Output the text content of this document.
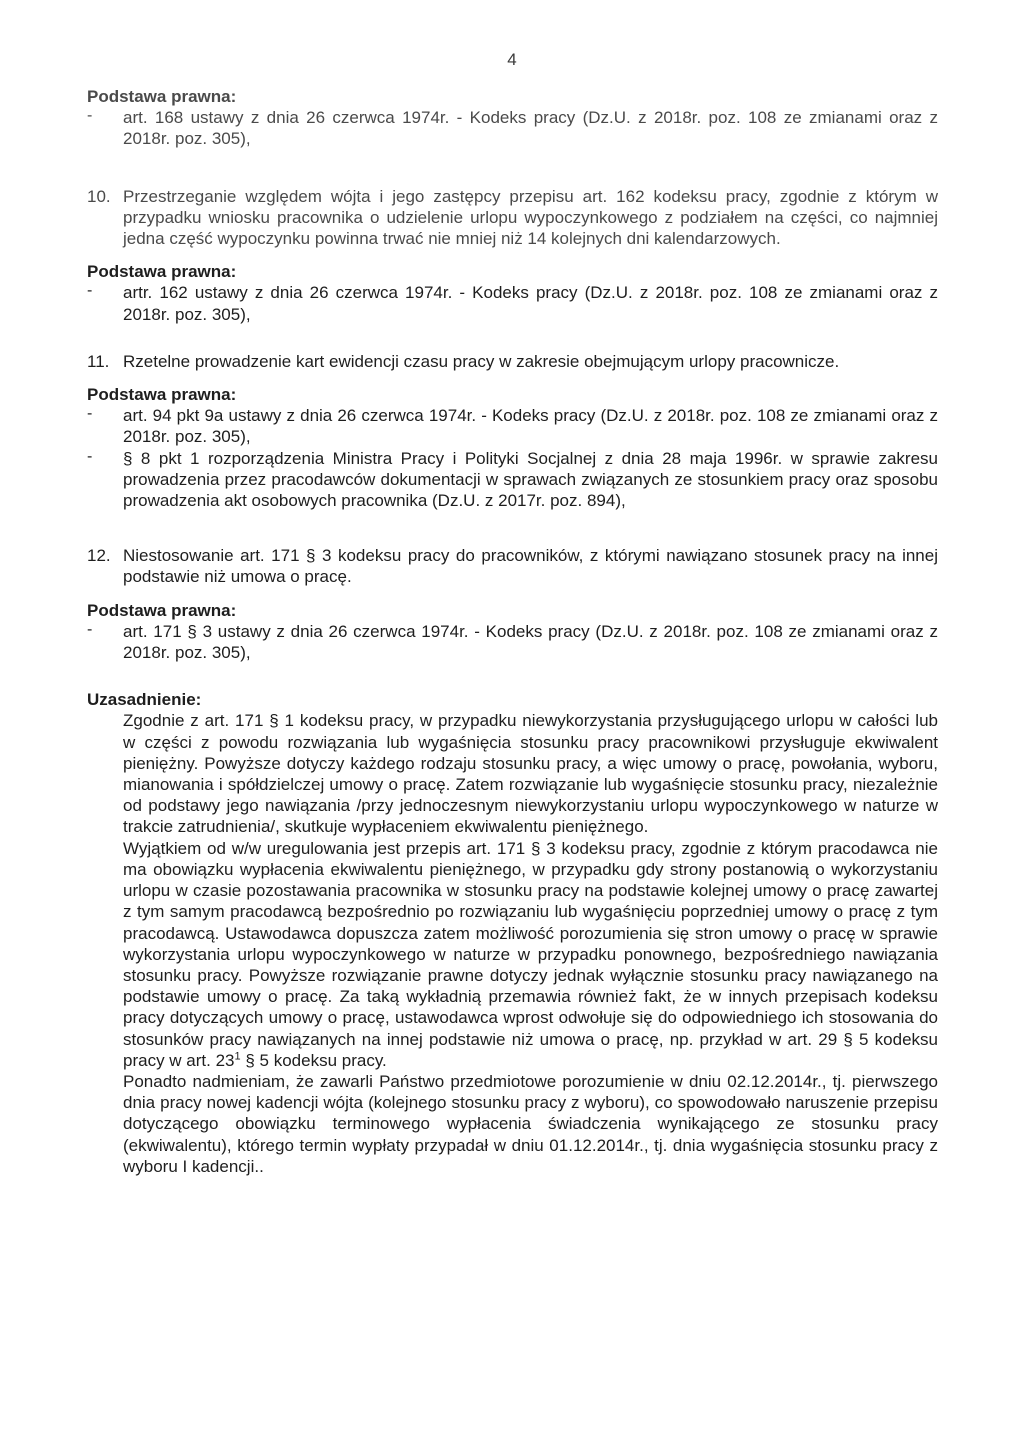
4

Podstawa prawna:

-	art. 168 ustawy z dnia 26 czerwca 1974r. - Kodeks pracy (Dz.U. z 2018r. poz. 108 ze zmianami oraz z 2018r. poz. 305),

10. Przestrzeganie względem wójta i jego zastępcy przepisu art. 162 kodeksu pracy, zgodnie z którym w przypadku wniosku pracownika o udzielenie urlopu wypoczynkowego z podziałem na części, co najmniej jedna część wypoczynku powinna trwać nie mniej niż 14 kolejnych dni kalendarzowych.

Podstawa prawna:

-	artr. 162 ustawy z dnia 26 czerwca 1974r. - Kodeks pracy (Dz.U. z 2018r. poz. 108 ze zmianami oraz z 2018r. poz. 305),

11. Rzetelne prowadzenie kart ewidencji czasu pracy w zakresie obejmującym urlopy pracownicze.

Podstawa prawna:

-	art. 94 pkt 9a ustawy z dnia 26 czerwca 1974r. - Kodeks pracy (Dz.U. z 2018r. poz. 108 ze zmianami oraz z 2018r. poz. 305),

-	§ 8 pkt 1 rozporządzenia Ministra Pracy i Polityki Socjalnej z dnia 28 maja 1996r. w sprawie zakresu prowadzenia przez pracodawców dokumentacji w sprawach związanych ze stosunkiem pracy oraz sposobu prowadzenia akt osobowych pracownika (Dz.U. z 2017r. poz. 894),

12. Niestosowanie art. 171 § 3 kodeksu pracy do pracowników, z którymi nawiązano stosunek pracy na innej podstawie niż umowa o pracę.

Podstawa prawna:

-	art. 171 § 3 ustawy z dnia 26 czerwca 1974r. - Kodeks pracy (Dz.U. z 2018r. poz. 108 ze zmianami oraz z 2018r. poz. 305),

Uzasadnienie:

Zgodnie z art. 171 § 1 kodeksu pracy, w przypadku niewykorzystania przysługującego urlopu w całości lub w części z powodu rozwiązania lub wygaśnięcia stosunku pracy pracownikowi przysługuje ekwiwalent pieniężny. Powyższe dotyczy każdego rodzaju stosunku pracy, a więc umowy o pracę, powołania, wyboru, mianowania i spółdzielczej umowy o pracę. Zatem rozwiązanie lub wygaśnięcie stosunku pracy, niezależnie od podstawy jego nawiązania /przy jednoczesnym niewykorzystaniu urlopu wypoczynkowego w naturze w trakcie zatrudnienia/, skutkuje wypłaceniem ekwiwalentu pieniężnego.

Wyjątkiem od w/w uregulowania jest przepis art. 171 § 3 kodeksu pracy, zgodnie z którym pracodawca nie ma obowiązku wypłacenia ekwiwalentu pieniężnego, w przypadku gdy strony postanowią o wykorzystaniu urlopu w czasie pozostawania pracownika w stosunku pracy na podstawie kolejnej umowy o pracę zawartej z tym samym pracodawcą bezpośrednio po rozwiązaniu lub wygaśnięciu poprzedniej umowy o pracę z tym pracodawcą. Ustawodawca dopuszcza zatem możliwość porozumienia się stron umowy o pracę w sprawie wykorzystania urlopu wypoczynkowego w naturze w przypadku ponownego, bezpośredniego nawiązania stosunku pracy. Powyższe rozwiązanie prawne dotyczy jednak wyłącznie stosunku pracy nawiązanego na podstawie umowy o pracę. Za taką wykładnią przemawia również fakt, że w innych przepisach kodeksu pracy dotyczących umowy o pracę, ustawodawca wprost odwołuje się do odpowiedniego ich stosowania do stosunków pracy nawiązanych na innej podstawie niż umowa o pracę, np. przykład w art. 29 § 5 kodeksu pracy w art. $23^1$ § 5 kodeksu pracy.

Ponadto nadmieniam, że zawarli Państwo przedmiotowe porozumienie w dniu 02.12.2014r., tj. pierwszego dnia pracy nowej kadencji wójta (kolejnego stosunku pracy z wyboru), co spowodowało naruszenie przepisu dotyczącego obowiązku terminowego wypłacenia świadczenia wynikającego ze stosunku pracy (ekwiwalentu), którego termin wypłaty przypadał w dniu 01.12.2014r., tj. dnia wygaśnięcia stosunku pracy z wyboru I kadencji..
